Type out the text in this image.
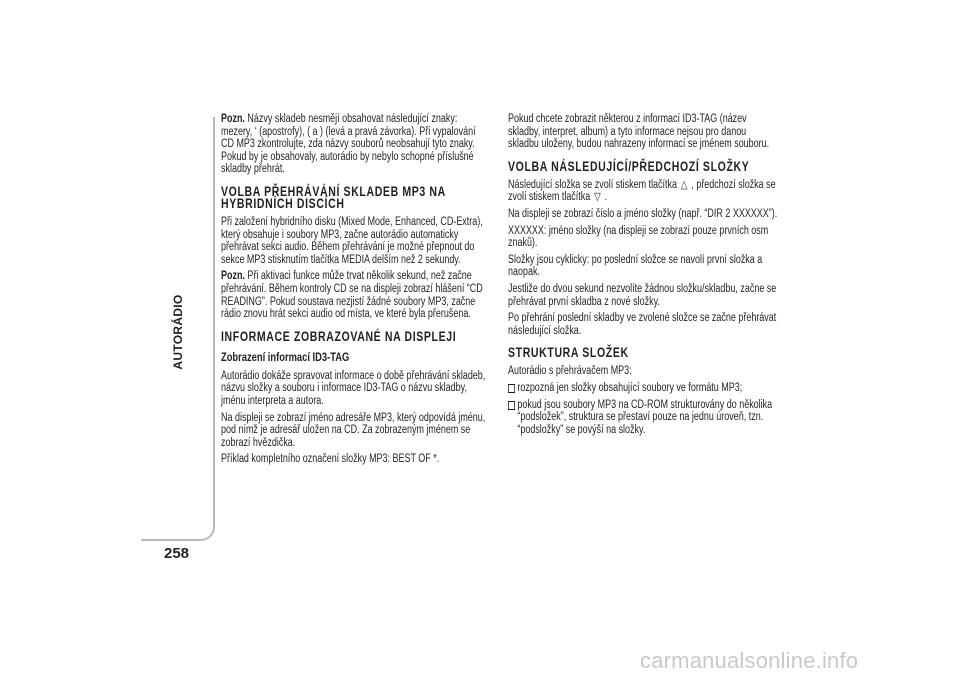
AUTORÁDIO
258

Pozn. Názvy skladeb nesmějí obsahovat následující znaky: mezery, ‘ (apostrofy), ( a ) (levá a pravá závorka). Při vypalování CD MP3 zkontrolujte, zda názvy souborů neobsahují tyto znaky. Pokud by je obsahovaly, autorádio by nebylo schopné příslušné skladby přehrát.

VOLBA PŘEHRÁVÁNÍ SKLADEB MP3 NA HYBRIDNÍCH DISCÍCH

Při založení hybridního disku (Mixed Mode, Enhanced, CD-Extra), který obsahuje i soubory MP3, začne autorádio automaticky přehrávat sekci audio. Během přehrávání je možné přepnout do sekce MP3 stisknutím tlačítka MEDIA delším než 2 sekundy.

Pozn. Při aktivaci funkce může trvat několik sekund, než začne přehrávání. Během kontroly CD se na displeji zobrazí hlášení “CD READING”. Pokud soustava nezjistí žádné soubory MP3, začne rádio znovu hrát sekci audio od místa, ve které byla přerušena.

INFORMACE ZOBRAZOVANÉ NA DISPLEJI
Zobrazení informací ID3-TAG

Autorádio dokáže spravovat informace o době přehrávání skladeb, názvu složky a souboru i informace ID3-TAG o názvu skladby, jménu interpreta a autora.

Na displeji se zobrazí jméno adresáře MP3, který odpovídá jménu, pod nímž je adresář uložen na CD. Za zobrazeným jménem se zobrazí hvězdička.

Příklad kompletního označení složky MP3: BEST OF *.

Pokud chcete zobrazit některou z informací ID3-TAG (název skladby, interpret, album) a tyto informace nejsou pro danou skladbu uloženy, budou nahrazeny informací se jménem souboru.

VOLBA NÁSLEDUJÍCÍ/PŘEDCHOZÍ SLOŽKY

Následující složka se zvolí stiskem tlačítka △ , předchozí složka se zvolí stiskem tlačítka ▽ .

Na displeji se zobrazí číslo a jméno složky (např. “DIR 2 XXXXXX”).

XXXXXX: jméno složky (na displeji se zobrazí pouze prvních osm znaků).

Složky jsou cyklicky: po poslední složce se navolí první složka a naopak.

Jestliže do dvou sekund nezvolíte žádnou složku/skladbu, začne se přehrávat první skladba z nové složky.

Po přehrání poslední skladby ve zvolené složce se začne přehrávat následující složka.

STRUKTURA SLOŽEK

Autorádio s přehrávačem MP3:

rozpozná jen složky obsahující soubory ve formátu MP3;
pokud jsou soubory MP3 na CD-ROM strukturovány do několika “podsložek”, struktura se přestaví pouze na jednu úroveň, tzn. “podsložky” se povýší na složky.
carmanualsonline.info
